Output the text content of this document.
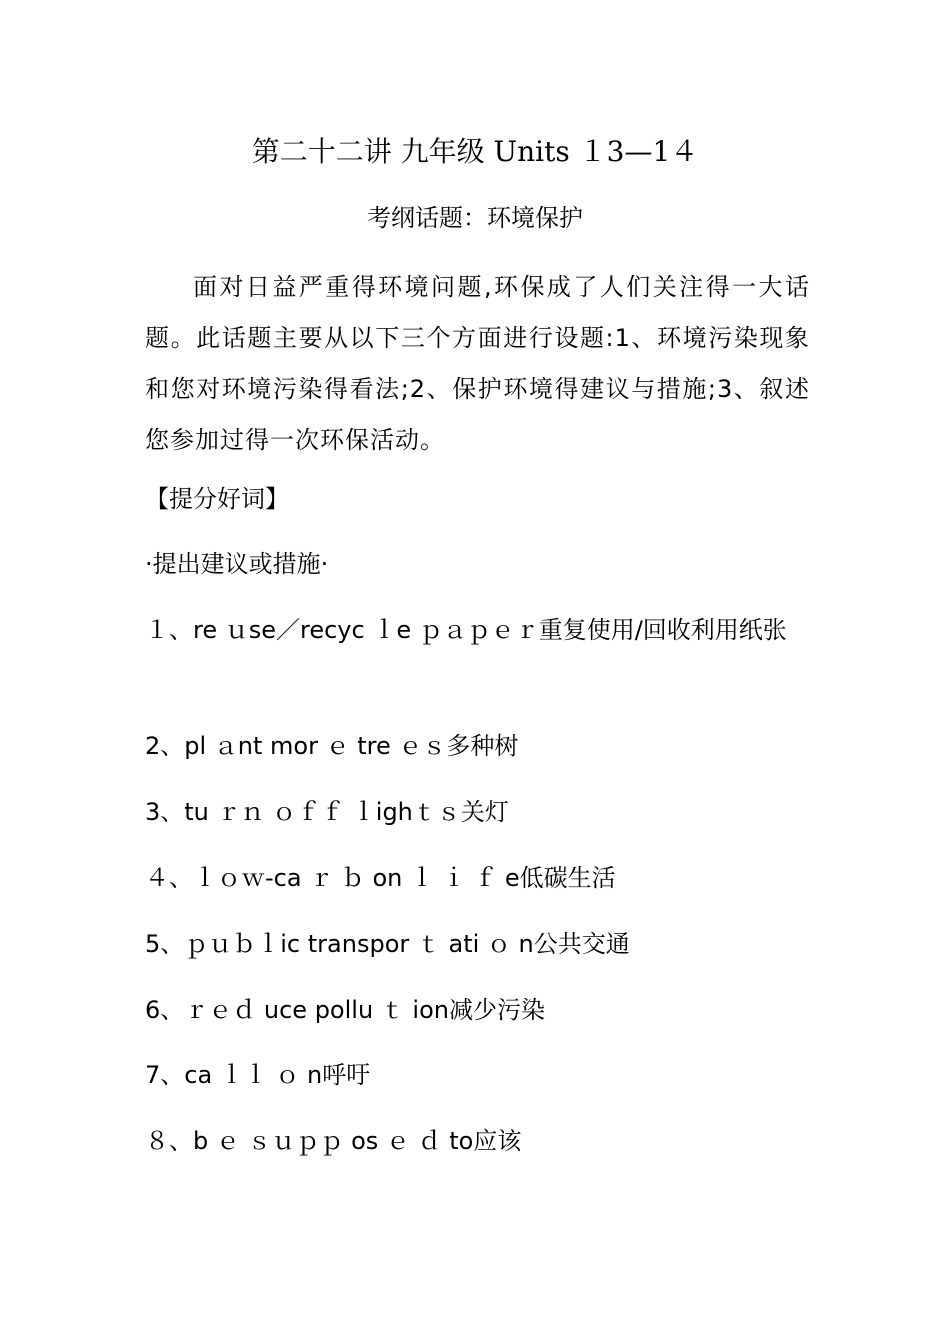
第二十二讲 九年级 Units １3—1４
考纲话题：环境保护
面对日益严重得环境问题,环保成了人们关注得一大话题。此话题主要从以下三个方面进行设题:1、环境污染现象和您对环境污染得看法;2、保护环境得建议与措施;3、叙述您参加过得一次环保活动。
【提分好词】
·提出建议或措施·
１、re ｕse／recyc ｌe ｐａｐｅｒ重复使用/回收利用纸张
2、pl ａnt mor ｅ tre ｅｓ多种树
3、tu ｒｎ ｏｆｆ ｌighｔｓ关灯
４、ｌｏｗ-ca ｒ ｂ on ｌ ｉ ｆ e低碳生活
5、ｐｕｂｌic transpor ｔ ati ｏ n公共交通
6、ｒｅｄ uce pollu ｔ ion减少污染
7、ca ｌｌ ｏ n呼吁
８、b ｅ ｓｕｐｐ os ｅ ｄ to应该
